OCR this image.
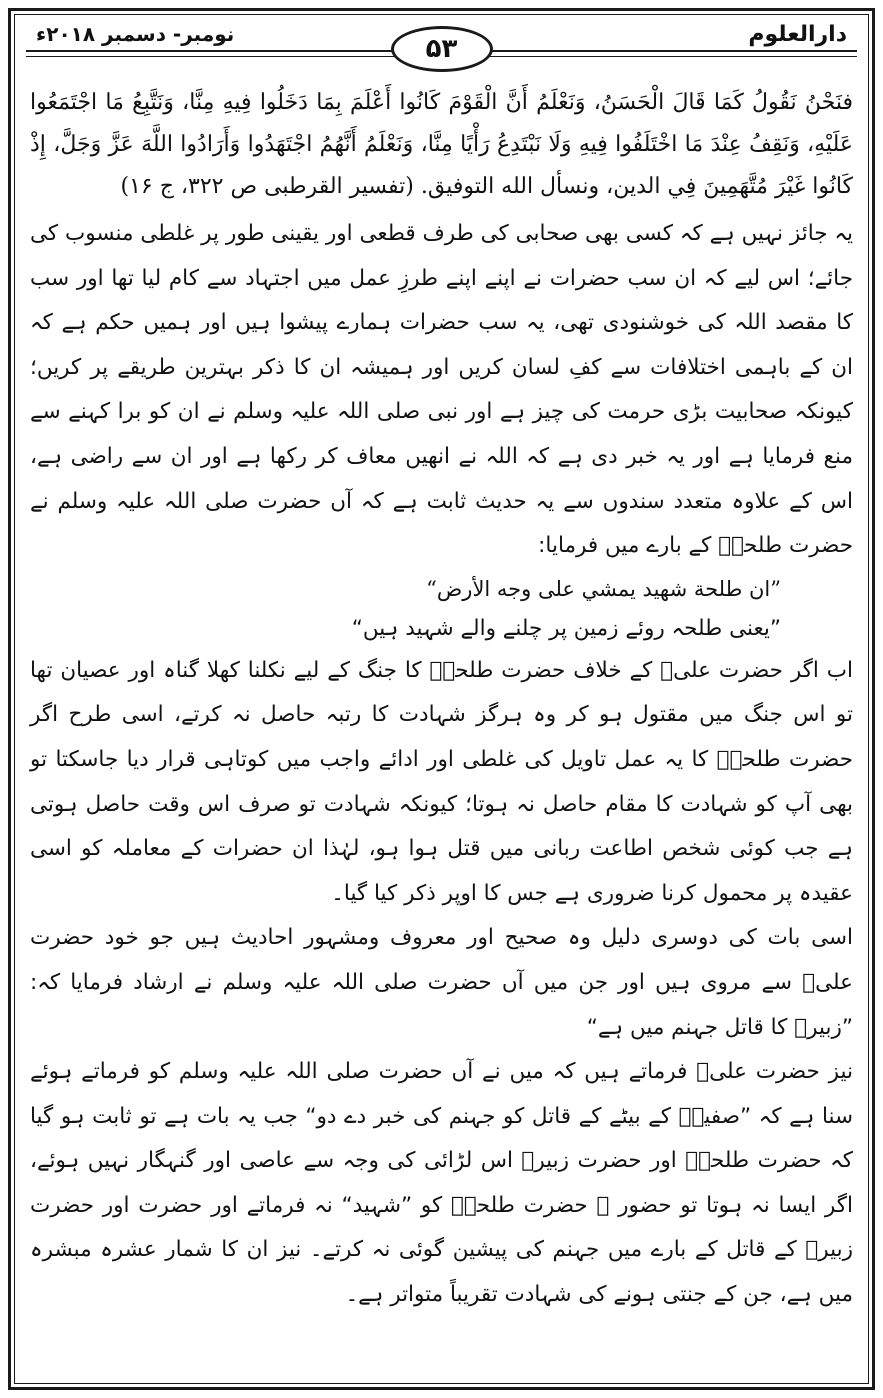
دارالعلوم
۵۳
نومبر- دسمبر ۲۰۱۸ء

فنَحْنُ نَقُولُ كَمَا قَالَ الْحَسَنُ، وَنَعْلَمُ أَنَّ الْقَوْمَ كَانُوا أَعْلَمَ بِمَا دَخَلُوا فِيهِ مِنَّا، وَنَتَّبِعُ مَا اجْتَمَعُوا عَلَيْهِ، وَنَقِفُ عِنْدَ مَا اخْتَلَفُوا فِيهِ وَلَا نَبْتَدِعُ رَأْيًا مِنَّا، وَنَعْلَمُ أَنَّهُمُ اجْتَهَدُوا وَأَرَادُوا اللَّهَ عَزَّ وَجَلَّ، إِذْ كَانُوا غَيْرَ مُتَّهَمِينَ فِي الدين، ونسأل الله التوفيق. (تفسير القرطبی ص ۳۲۲، ج ۱۶)

یہ جائز نہیں ہے کہ کسی بھی صحابی کی طرف قطعی اور یقینی طور پر غلطی منسوب کی جائے؛ اس لیے کہ ان سب حضرات نے اپنے اپنے طرزِ عمل میں اجتہاد سے کام لیا تھا اور سب کا مقصد اللہ کی خوشنودی تھی، یہ سب حضرات ہمارے پیشوا ہیں اور ہمیں حکم ہے کہ ان کے باہمی اختلافات سے کفِ لسان کریں اور ہمیشہ ان کا ذکر بہترین طریقے پر کریں؛ کیونکہ صحابیت بڑی حرمت کی چیز ہے اور نبی صلی اللہ علیہ وسلم نے ان کو برا کہنے سے منع فرمایا ہے اور یہ خبر دی ہے کہ اللہ نے انھیں معاف کر رکھا ہے اور ان سے راضی ہے، اس کے علاوہ متعدد سندوں سے یہ حدیث ثابت ہے کہ آں حضرت صلی اللہ علیہ وسلم نے حضرت طلحہؓ کے بارے میں فرمایا:

”ان طلحة شهيد يمشي على وجه الأرض“

”یعنی طلحہ روئے زمین پر چلنے والے شہید ہیں“

اب اگر حضرت علیؓ کے خلاف حضرت طلحہؓ کا جنگ کے لیے نکلنا کھلا گناہ اور عصیان تھا تو اس جنگ میں مقتول ہو کر وہ ہرگز شہادت کا رتبہ حاصل نہ کرتے، اسی طرح اگر حضرت طلحہؓ کا یہ عمل تاویل کی غلطی اور ادائے واجب میں کوتاہی قرار دیا جاسکتا تو بھی آپ کو شہادت کا مقام حاصل نہ ہوتا؛ کیونکہ شہادت تو صرف اس وقت حاصل ہوتی ہے جب کوئی شخص اطاعت ربانی میں قتل ہوا ہو، لہٰذا ان حضرات کے معاملہ کو اسی عقیدہ پر محمول کرنا ضروری ہے جس کا اوپر ذکر کیا گیا۔

اسی بات کی دوسری دلیل وہ صحیح اور معروف ومشہور احادیث ہیں جو خود حضرت علیؓ سے مروی ہیں اور جن میں آں حضرت صلی اللہ علیہ وسلم نے ارشاد فرمایا کہ: ”زبیرؓ کا قاتل جہنم میں ہے“

نیز حضرت علیؓ فرماتے ہیں کہ میں نے آں حضرت صلی اللہ علیہ وسلم کو فرماتے ہوئے سنا ہے کہ ”صفیہؓ کے بیٹے کے قاتل کو جہنم کی خبر دے دو“ جب یہ بات ہے تو ثابت ہو گیا کہ حضرت طلحہؓ اور حضرت زبیرؓ اس لڑائی کی وجہ سے عاصی اور گنہگار نہیں ہوئے، اگر ایسا نہ ہوتا تو حضور ﷺ حضرت طلحہؓ کو ”شہید“ نہ فرماتے اور حضرت اور حضرت زبیرؓ کے قاتل کے بارے میں جہنم کی پیشین گوئی نہ کرتے۔ نیز ان کا شمار عشرہ مبشرہ میں ہے، جن کے جنتی ہونے کی شہادت تقریباً متواتر ہے۔
